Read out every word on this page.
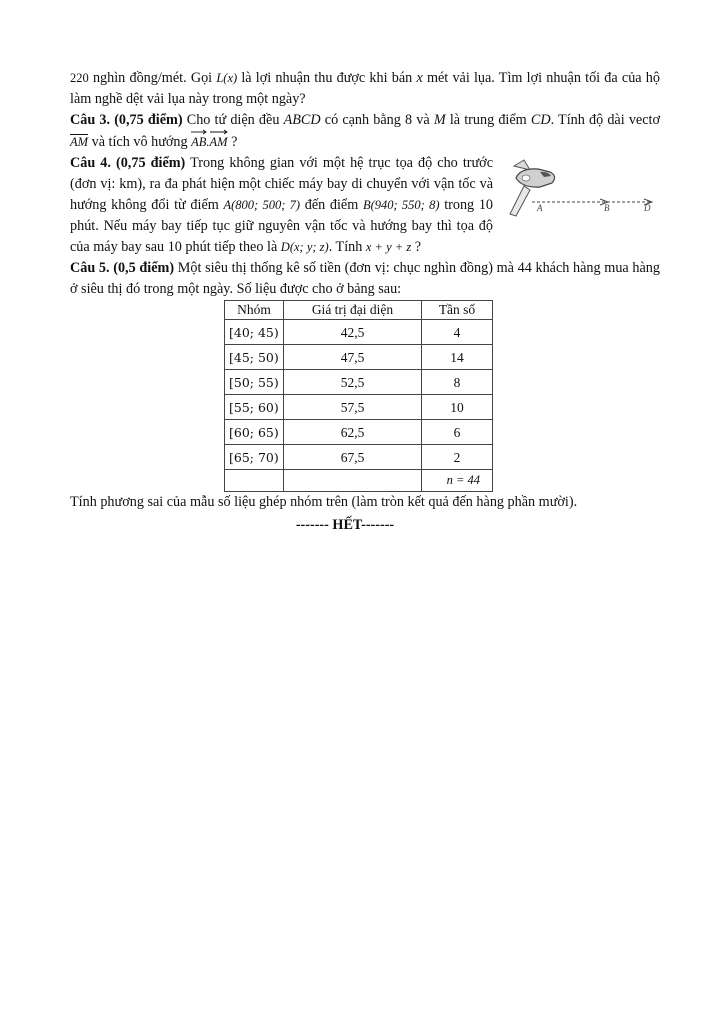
220 nghìn đồng/mét. Gọi L(x) là lợi nhuận thu được khi bán x mét vải lụa. Tìm lợi nhuận tối đa của hộ làm nghề dệt vải lụa này trong một ngày?

Câu 3. (0,75 điểm) Cho tứ diện đều ABCD có cạnh bằng 8 và M là trung điểm CD. Tính độ dài vectơ AM và tích vô hướng
AB.
AM ?

Câu 4. (0,75 điểm) Trong không gian với một hệ trục tọa độ cho trước (đơn vị: km), ra đa phát hiện một chiếc máy bay di chuyển với vận tốc và hướng không đổi từ điểm A(800; 500; 7) đến điểm B(940; 550; 8) trong 10 phút. Nếu máy bay tiếp tục giữ nguyên vận tốc và hướng bay thì tọa độ của máy bay sau 10 phút tiếp theo là D(x; y; z). Tính x + y + z ?

A	B	D

Câu 5. (0,5 điểm) Một siêu thị thống kê số tiền (đơn vị: chục nghìn đồng) mà 44 khách hàng mua hàng ở siêu thị đó trong một ngày. Số liệu được cho ở bảng sau:

Nhóm	Giá trị đại diện	Tần số
[40; 45)	42,5	4
[45; 50)	47,5	14
[50; 55)	52,5	8
[55; 60)	57,5	10
[60; 65)	62,5	6
[65; 70)	67,5	2
		n = 44

Tính phương sai của mẫu số liệu ghép nhóm trên (làm tròn kết quả đến hàng phần mười).

------- HẾT-------
